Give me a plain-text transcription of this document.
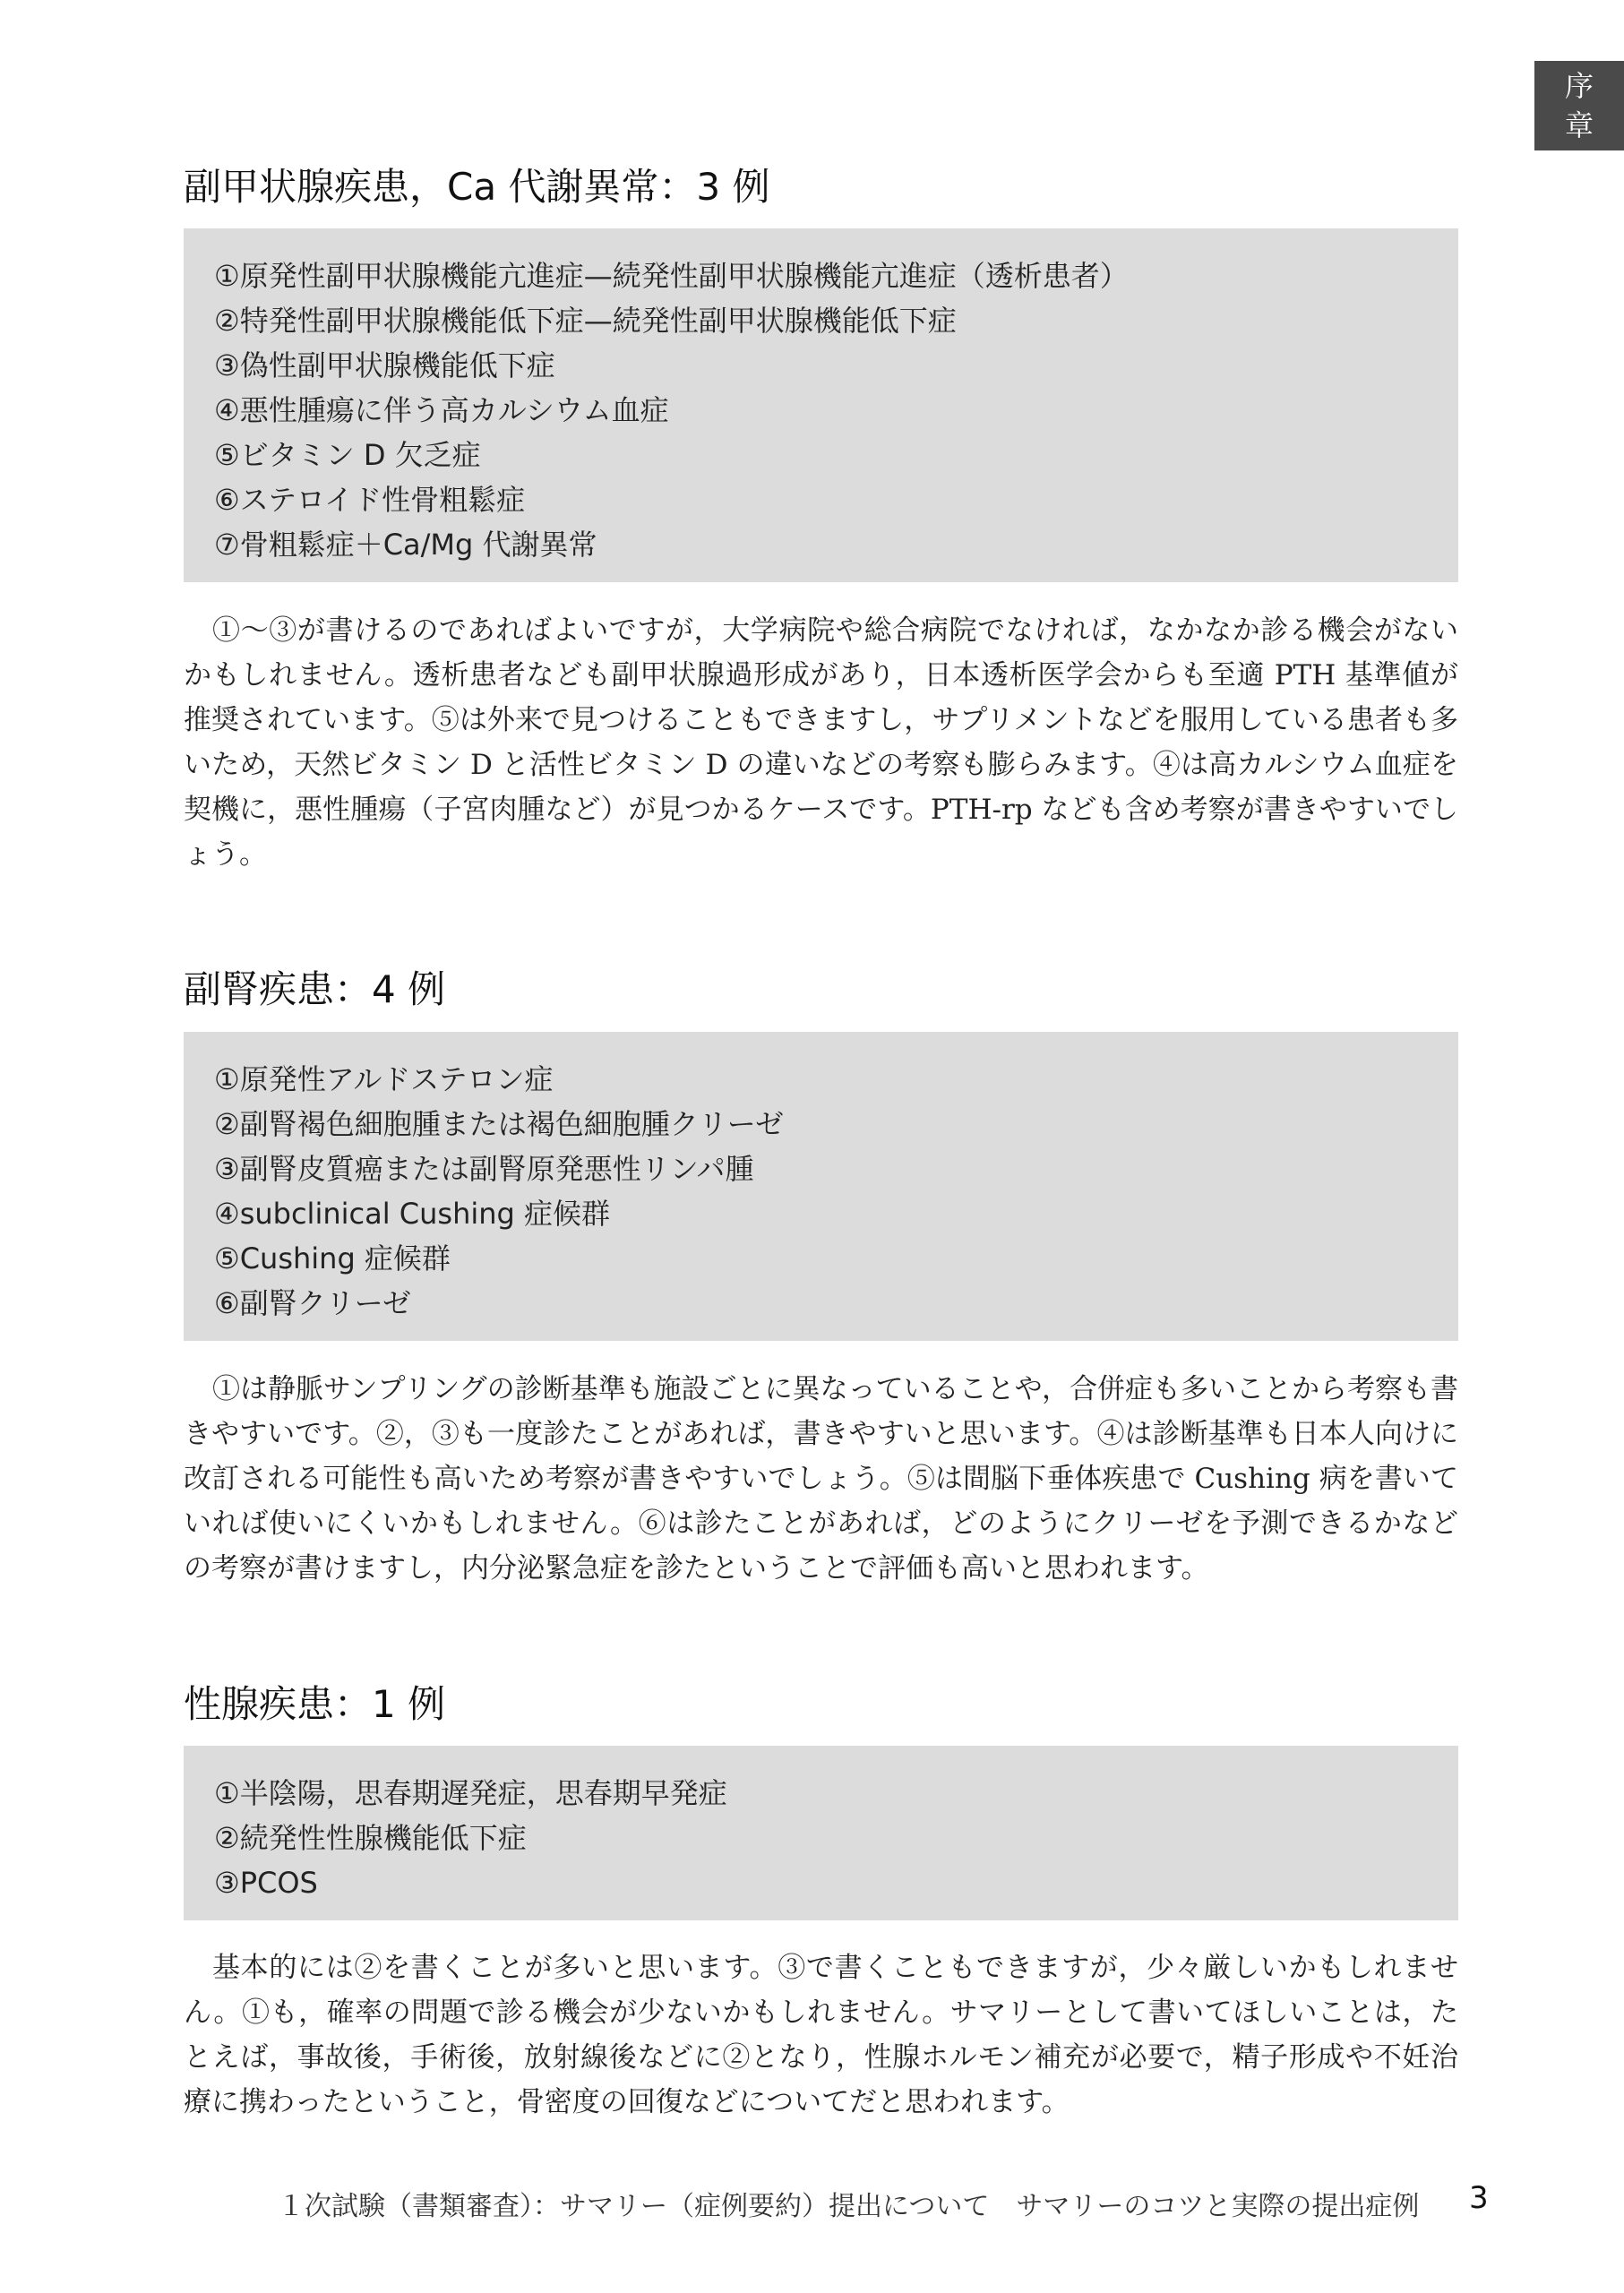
序
章
副甲状腺疾患，Ca 代謝異常：3 例
①原発性副甲状腺機能亢進症—続発性副甲状腺機能亢進症（透析患者）
②特発性副甲状腺機能低下症—続発性副甲状腺機能低下症
③偽性副甲状腺機能低下症
④悪性腫瘍に伴う高カルシウム血症
⑤ビタミン D 欠乏症
⑥ステロイド性骨粗鬆症
⑦骨粗鬆症＋Ca/Mg 代謝異常

①〜③が書けるのであればよいですが，大学病院や総合病院でなければ，なかなか診る機会がないかもしれません。透析患者なども副甲状腺過形成があり，日本透析医学会からも至適 PTH 基準値が推奨されています。⑤は外来で見つけることもできますし，サプリメントなどを服用している患者も多いため，天然ビタミン D と活性ビタミン D の違いなどの考察も膨らみます。④は高カルシウム血症を契機に，悪性腫瘍（子宮肉腫など）が見つかるケースです。PTH-rp なども含め考察が書きやすいでしょう。

副腎疾患：4 例
①原発性アルドステロン症
②副腎褐色細胞腫または褐色細胞腫クリーゼ
③副腎皮質癌または副腎原発悪性リンパ腫
④subclinical Cushing 症候群
⑤Cushing 症候群
⑥副腎クリーゼ

①は静脈サンプリングの診断基準も施設ごとに異なっていることや，合併症も多いことから考察も書きやすいです。②，③も一度診たことがあれば，書きやすいと思います。④は診断基準も日本人向けに改訂される可能性も高いため考察が書きやすいでしょう。⑤は間脳下垂体疾患で Cushing 病を書いていれば使いにくいかもしれません。⑥は診たことがあれば，どのようにクリーゼを予測できるかなどの考察が書けますし，内分泌緊急症を診たということで評価も高いと思われます。

性腺疾患：1 例
①半陰陽，思春期遅発症，思春期早発症
②続発性性腺機能低下症
③PCOS

基本的には②を書くことが多いと思います。③で書くこともできますが，少々厳しいかもしれません。①も，確率の問題で診る機会が少ないかもしれません。サマリーとして書いてほしいことは，たとえば，事故後，手術後，放射線後などに②となり，性腺ホルモン補充が必要で，精子形成や不妊治療に携わったということ，骨密度の回復などについてだと思われます。

１次試験（書類審査）：サマリー（症例要約）提出について　サマリーのコツと実際の提出症例	3
